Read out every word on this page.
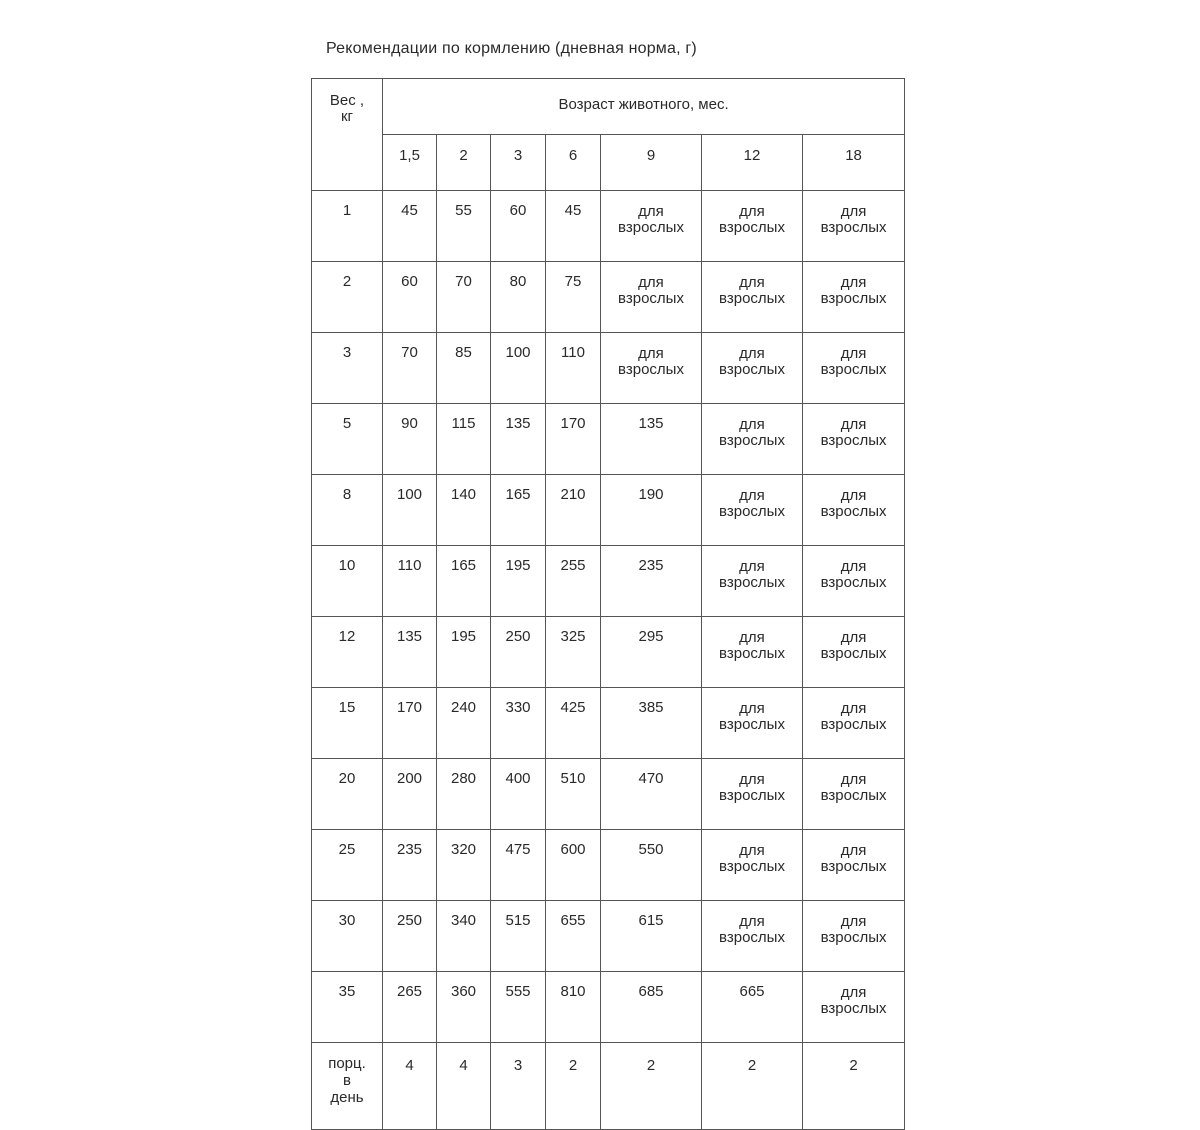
Рекомендации по кормлению (дневная норма, г)
Вес ,
кг	Возраст животного, мес.						
	1,5	2	3	6	9	12	18
1	45	55	60	45	для
взрослых	для
взрослых	для
взрослых
2	60	70	80	75	для
взрослых	для
взрослых	для
взрослых
3	70	85	100	110	для
взрослых	для
взрослых	для
взрослых
5	90	115	135	170	135	для
взрослых	для
взрослых
8	100	140	165	210	190	для
взрослых	для
взрослых
10	110	165	195	255	235	для
взрослых	для
взрослых
12	135	195	250	325	295	для
взрослых	для
взрослых
15	170	240	330	425	385	для
взрослых	для
взрослых
20	200	280	400	510	470	для
взрослых	для
взрослых
25	235	320	475	600	550	для
взрослых	для
взрослых
30	250	340	515	655	615	для
взрослых	для
взрослых
35	265	360	555	810	685	665	для
взрослых
порц.
в
день	4	4	3	2	2	2	2
